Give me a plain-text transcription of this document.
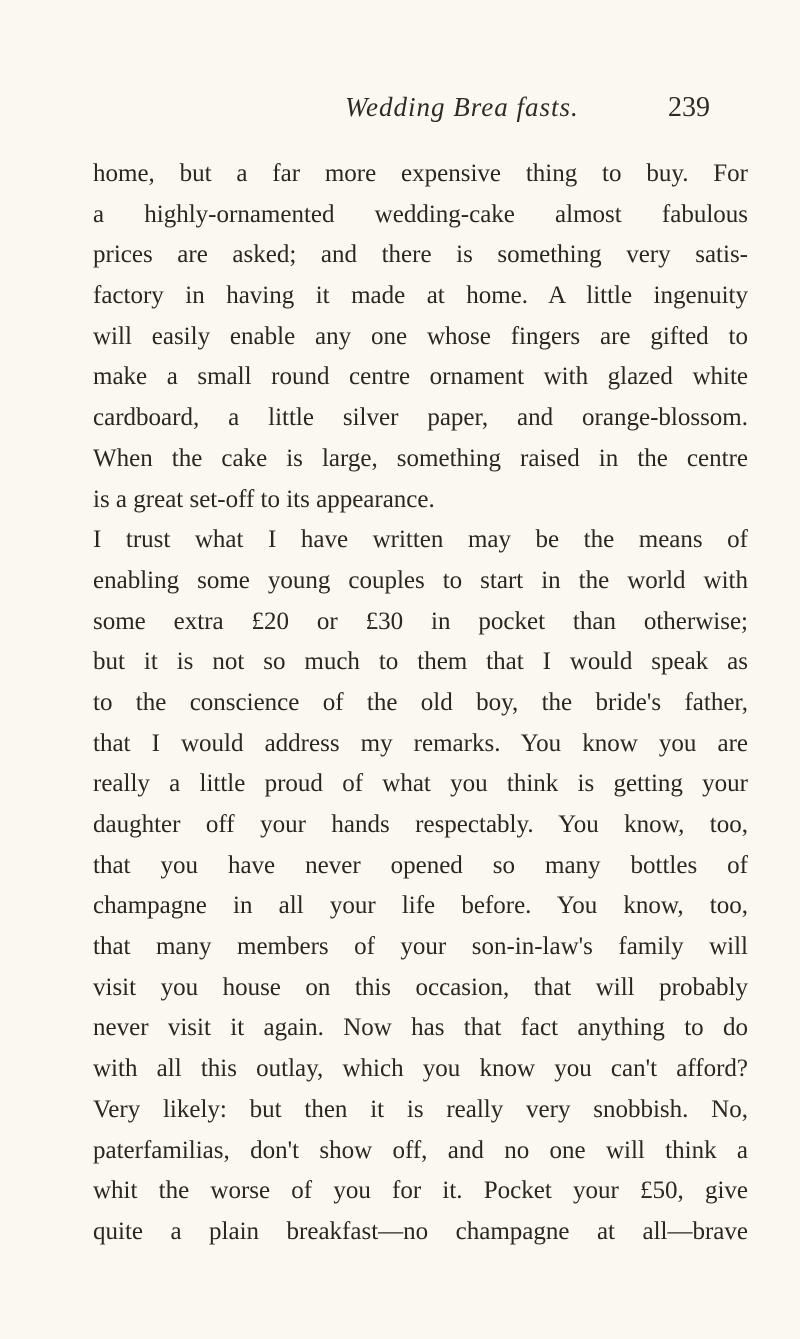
Wedding Brea fasts.	239
home, but a far more expensive thing to buy. For
a highly-ornamented wedding-cake almost fabulous
prices are asked; and there is something very satis-
factory in having it made at home. A little ingenuity
will easily enable any one whose fingers are gifted to
make a small round centre ornament with glazed white
cardboard, a little silver paper, and orange-blossom.
When the cake is large, something raised in the centre
is a great set-off to its appearance.
I trust what I have written may be the means of
enabling some young couples to start in the world with
some extra £20 or £30 in pocket than otherwise;
but it is not so much to them that I would speak as
to the conscience of the old boy, the bride's father,
that I would address my remarks. You know you are
really a little proud of what you think is getting your
daughter off your hands respectably. You know, too,
that you have never opened so many bottles of
champagne in all your life before. You know, too,
that many members of your son-in-law's family will
visit you house on this occasion, that will probably
never visit it again. Now has that fact anything to do
with all this outlay, which you know you can't afford?
Very likely: but then it is really very snobbish. No,
paterfamilias, don't show off, and no one will think a
whit the worse of you for it. Pocket your £50, give
quite a plain breakfast—no champagne at all—brave
